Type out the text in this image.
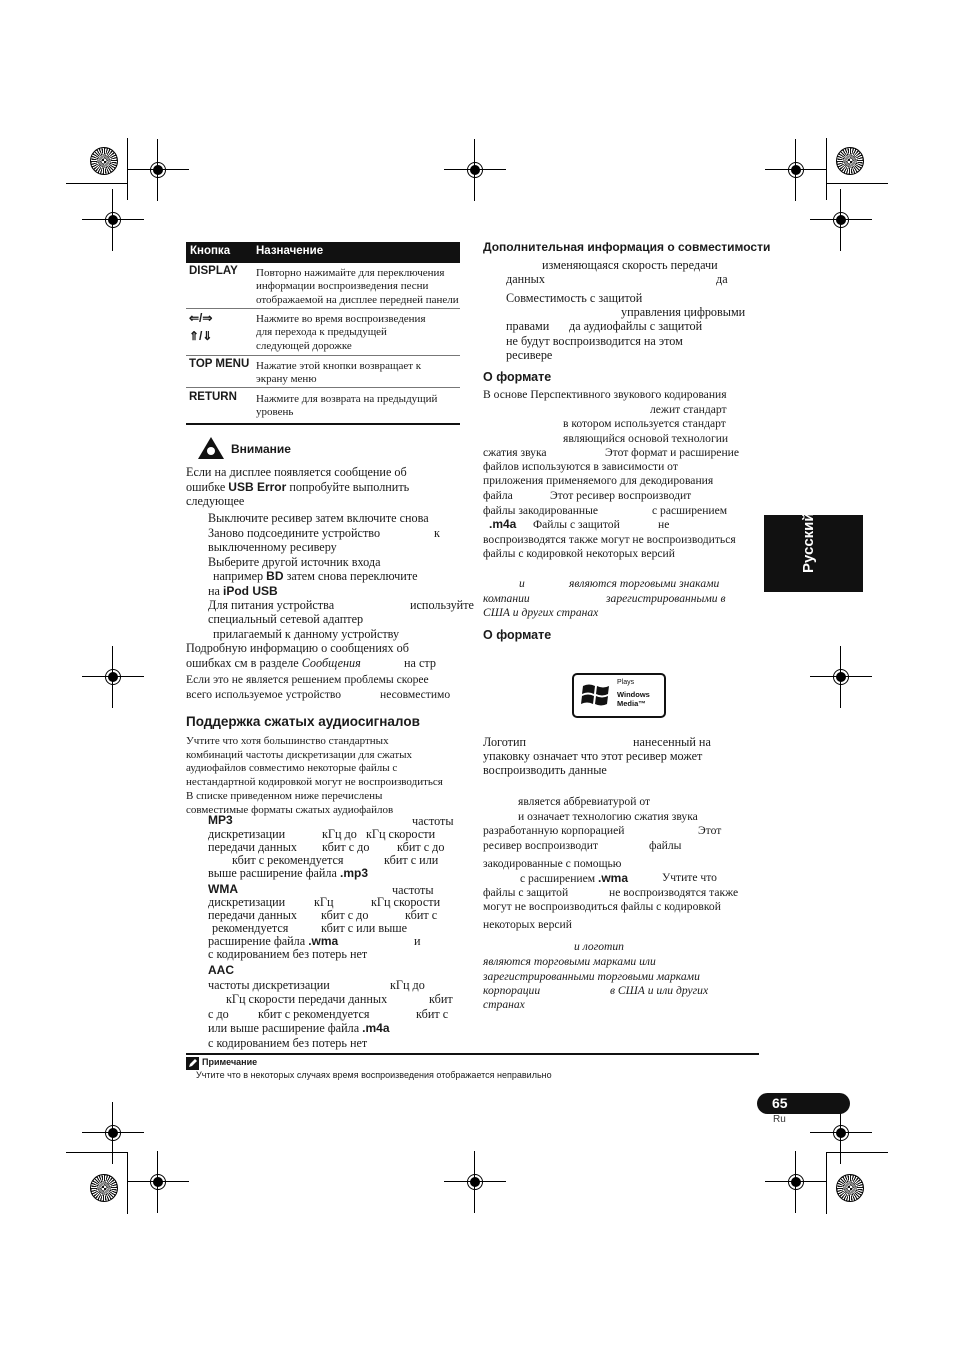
Кнопка Назначение
DISPLAY Повторно нажимайте для переключения
информации воспроизведения песни
отображаемой на дисплее передней панели
⇐/⇒
⇑/⇓
Нажмите во время воспроизведения
для перехода к предыдущей
следующей дорожке
TOP MENU Нажатие этой кнопки возвращает к
экрану меню
RETURN Нажмите для возврата на предыдущий
уровень
Внимание
Если на дисплее появляется сообщение об
ошибке USB Error попробуйте выполнить
следующее
Выключите ресивер затем включите снова
Заново подсоедините устройство	к
выключенному ресиверу
Выберите другой источник входа
например BD затем снова переключите
на iPod USB
Для питания устройства	используйте
специальный сетевой адаптер
прилагаемый к данному устройству
Подробную информацию о сообщениях об
ошибках см в разделе Сообщения	на стр
Если это не является решением проблемы скорее
всего используемое устройство	несовместимо
Поддержка сжатых аудиосигналов
Учтите что хотя большинство стандартных
комбинаций частоты дискретизации для сжатых
аудиофайлов совместимо некоторые файлы с
нестандартной кодировкой могут не воспроизводиться
В списке приведенном ниже перечислены
совместимые форматы сжатых аудиофайлов
MP3	частоты
дискретизации	кГц до кГц скорости
передачи данных кбит с до кбит с до
кбит с рекомендуется	кбит с или
выше расширение файла .mp3
WMA	частоты
дискретизации кГц	кГц скорости
передачи данных кбит с до	кбит с
рекомендуется	кбит с или выше
расширение файла .wma	и
с кодированием без потерь нет
AAC
частоты дискретизации	кГц до
кГц скорости передачи данных	кбит
с до кбит с рекомендуется	кбит с
или выше расширение файла .m4a
с кодированием без потерь нет
Дополнительная информация о совместимости
изменяющаяся скорость передачи
данных	да
Совместимость с защитой
управления цифровыми
правами да аудиофайлы с защитой
не будут воспроизводится на этом
ресивере
О формате
В основе Перспективного звукового кодирования
лежит стандарт
в котором используется стандарт
являющийся основой технологии
сжатия звука	Этот формат и расширение
файлов используются в зависимости от
приложения применяемого для декодирования
файла	Этот ресивер воспроизводит
файлы закодированные	с расширением
.m4a Файлы с защитой	не
воспроизводятся также могут не воспроизводиться
файлы с кодировкой некоторых версий
и	являются торговыми знаками
компании	зарегистрированными в
США и других странах
О формате
Plays
Windows
Media™
Логотип	нанесенный на
упаковку означает что этот ресивер может
воспроизводить данные
является аббревиатурой от
и означает технологию сжатия звука
разработанную корпорацией	Этот
ресивер воспроизводит	файлы
закодированные с помощью
с расширением .wma	Учтите что
файлы с защитой	не воспроизводятся также
могут не воспроизводиться файлы с кодировкой
некоторых версий
и логотип
являются торговыми марками или
зарегистрированными торговыми марками
корпорации	в США и или других
странах
Примечание
Учтите что в некоторых случаях время воспроизведения отображается неправильно
Русский
65
Ru
